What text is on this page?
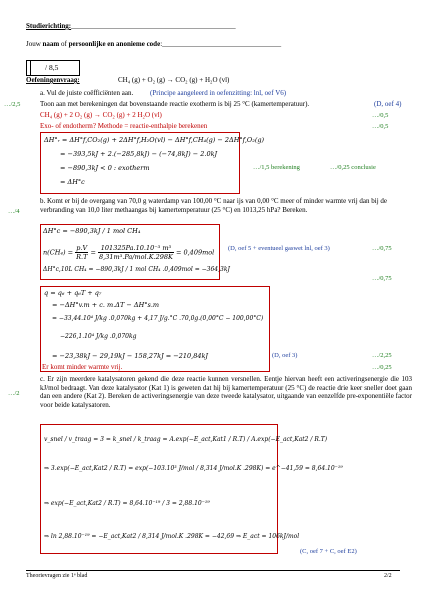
Studierichting:_______________________________________________
Jouw naam of persoonlijke en anonieme code:__________________________________
/ 8,5
Oefeningenvraag:	CH₄ (g) + O₂ (g) → CO₂ (g) + H₂O (vl)
a. Vul de juiste coëfficiënten aan. (Principe aangeleerd in oefenzitting: lnl, oef V6)
…/2,5	Toon aan met berekeningen dat bovenstaande reactie exotherm is bij 25 °C (kamertemperatuur).	(D, oef 4)
CH₄ (g) + 2 O₂ (g) → CO₂ (g) + 2 H₂O (vl)	…/0,5
Exo- of endotherm? Methode = reactie-enthalpie berekenen	…/0,5
ΔH°ᵣ = ΔH°f,CO₂(g) + 2ΔH°f,H₂O(vl) − ΔH°f,CH₄(g) − 2ΔH°f,O₂(g)
= −393,5kJ + 2.(−285,8kJ) − (−74,8kJ) − 2.0kJ
= −890,3kJ < 0 : exotherm
= ΔH°c
…/1,5 berekening	…/0,25 conclusie
b. Komt er bij de overgang van 70,0 g waterdamp van 100,00 °C naar ijs van 0,00 °C meer of minder warmte vrij dan bij de verbranding van 10,0 liter methaangas bij kamertemperatuur (25 °C) en 1013,25 hPa? Bereken.
…/4
ΔH°c = −890,3kJ / 1 mol CH₄
$n(CH_4) = \frac{p.V}{R.T} = \frac{\text{101325Pa.10.10⁻³ m³}}{\text{8,31m³.Pa/mol.K.298K}} = 0,409mol$
ΔH°c,10L CH₄ = −890,3kJ / 1 mol CH₄ .0,409mol = −364,3kJ
(D, oef 5 + eventueel gaswet lnl, oef 3)	…/0,75
…/0,75
q = q₆ + q₆T + q₇
= −ΔH°v.m + c. m.ΔT − ΔH°s.m
= −33,44.10⁴ J/kg .0,070kg + 4,17 J/g.°C .70,0g.(0,00°C − 100,00°C)
−226,1.10⁴ J/kg .0,070kg
= −23,38kJ − 29,19kJ − 158,27kJ = −210,84kJ	(D, oef 3)	…/2,25
Er komt minder warmte vrij.	…/0,25
c. Er zijn meerdere katalysatoren gekend die deze reactie kunnen versnellen. Eentje hiervan heeft een activeringsenergie die 103 kJ/mol bedraagt. Van deze katalysator (Kat 1) is geweten dat hij bij kamertemperatuur (25 °C) de reactie drie keer sneller doet gaan dan een andere (Kat 2). Bereken de activeringsenergie van deze tweede katalysator, uitgaande van eenzelfde pre-exponentiële factor voor beide katalysatoren.
…/2
v_snel / v_traag = 3 = k_snel / k_traag = A.exp(−E_act,Kat1 / R.T) / A.exp(−E_act,Kat2 / R.T)
⇒ 3.exp(−E_act,Kat2 / R.T) = exp(−103.10³ J/mol / 8,314 J/mol.K .298K) = e^−41,59 = 8,64.10⁻¹⁹
⇒ exp(−E_act,Kat2 / R.T) = 8,64.10⁻¹⁹ / 3 = 2,88.10⁻¹⁹
⇒ ln 2,88.10⁻¹⁹ = −E_act,Kat2 / 8,314 J/mol.K .298K = −42,69 ⇒ E_act = 106kJ/mol
(C, oef 7 + C, oef E2)
Theorievragen zie 1ᵉ blad	2/2
